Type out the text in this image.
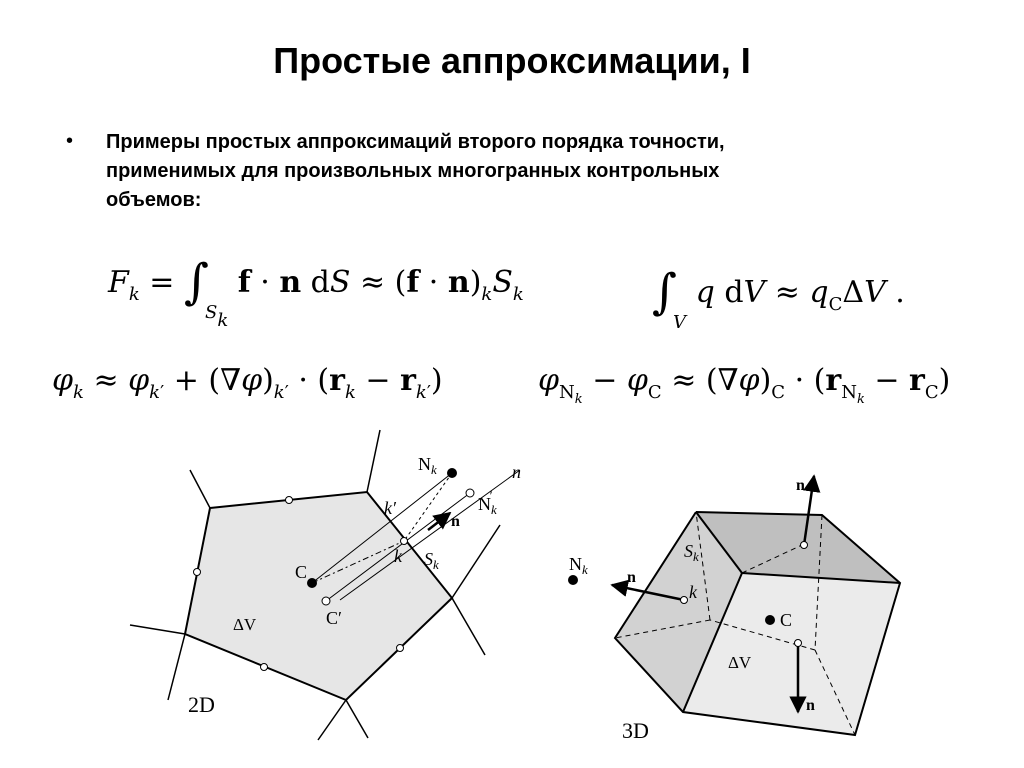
Простые аппроксимации, I
• Примеры простых аппроксимаций второго порядка точности,
применимых для произвольных многогранных контрольных
объемов:
$F_k = \int_{S_k}$ f · n dS ≈ $(f \cdot n)_kS_k$	$\int_V$ q dV ≈ $q_C\Delta V$ .
$\varphi_k \approx \varphi_{k'} + (\nabla\varphi)_{k'} \cdot (r_k - r_{k'})$	$\varphi_{N_k} - \varphi_C \approx (\nabla\varphi)_C \cdot (r_{N_k} - r_C)$
$N_k$
$N_k'$
n
n
k′
k $S_k$
C
C′
ΔV
2D
$N_k$ n
n
n
$S_k$
k
C
ΔV
3D
